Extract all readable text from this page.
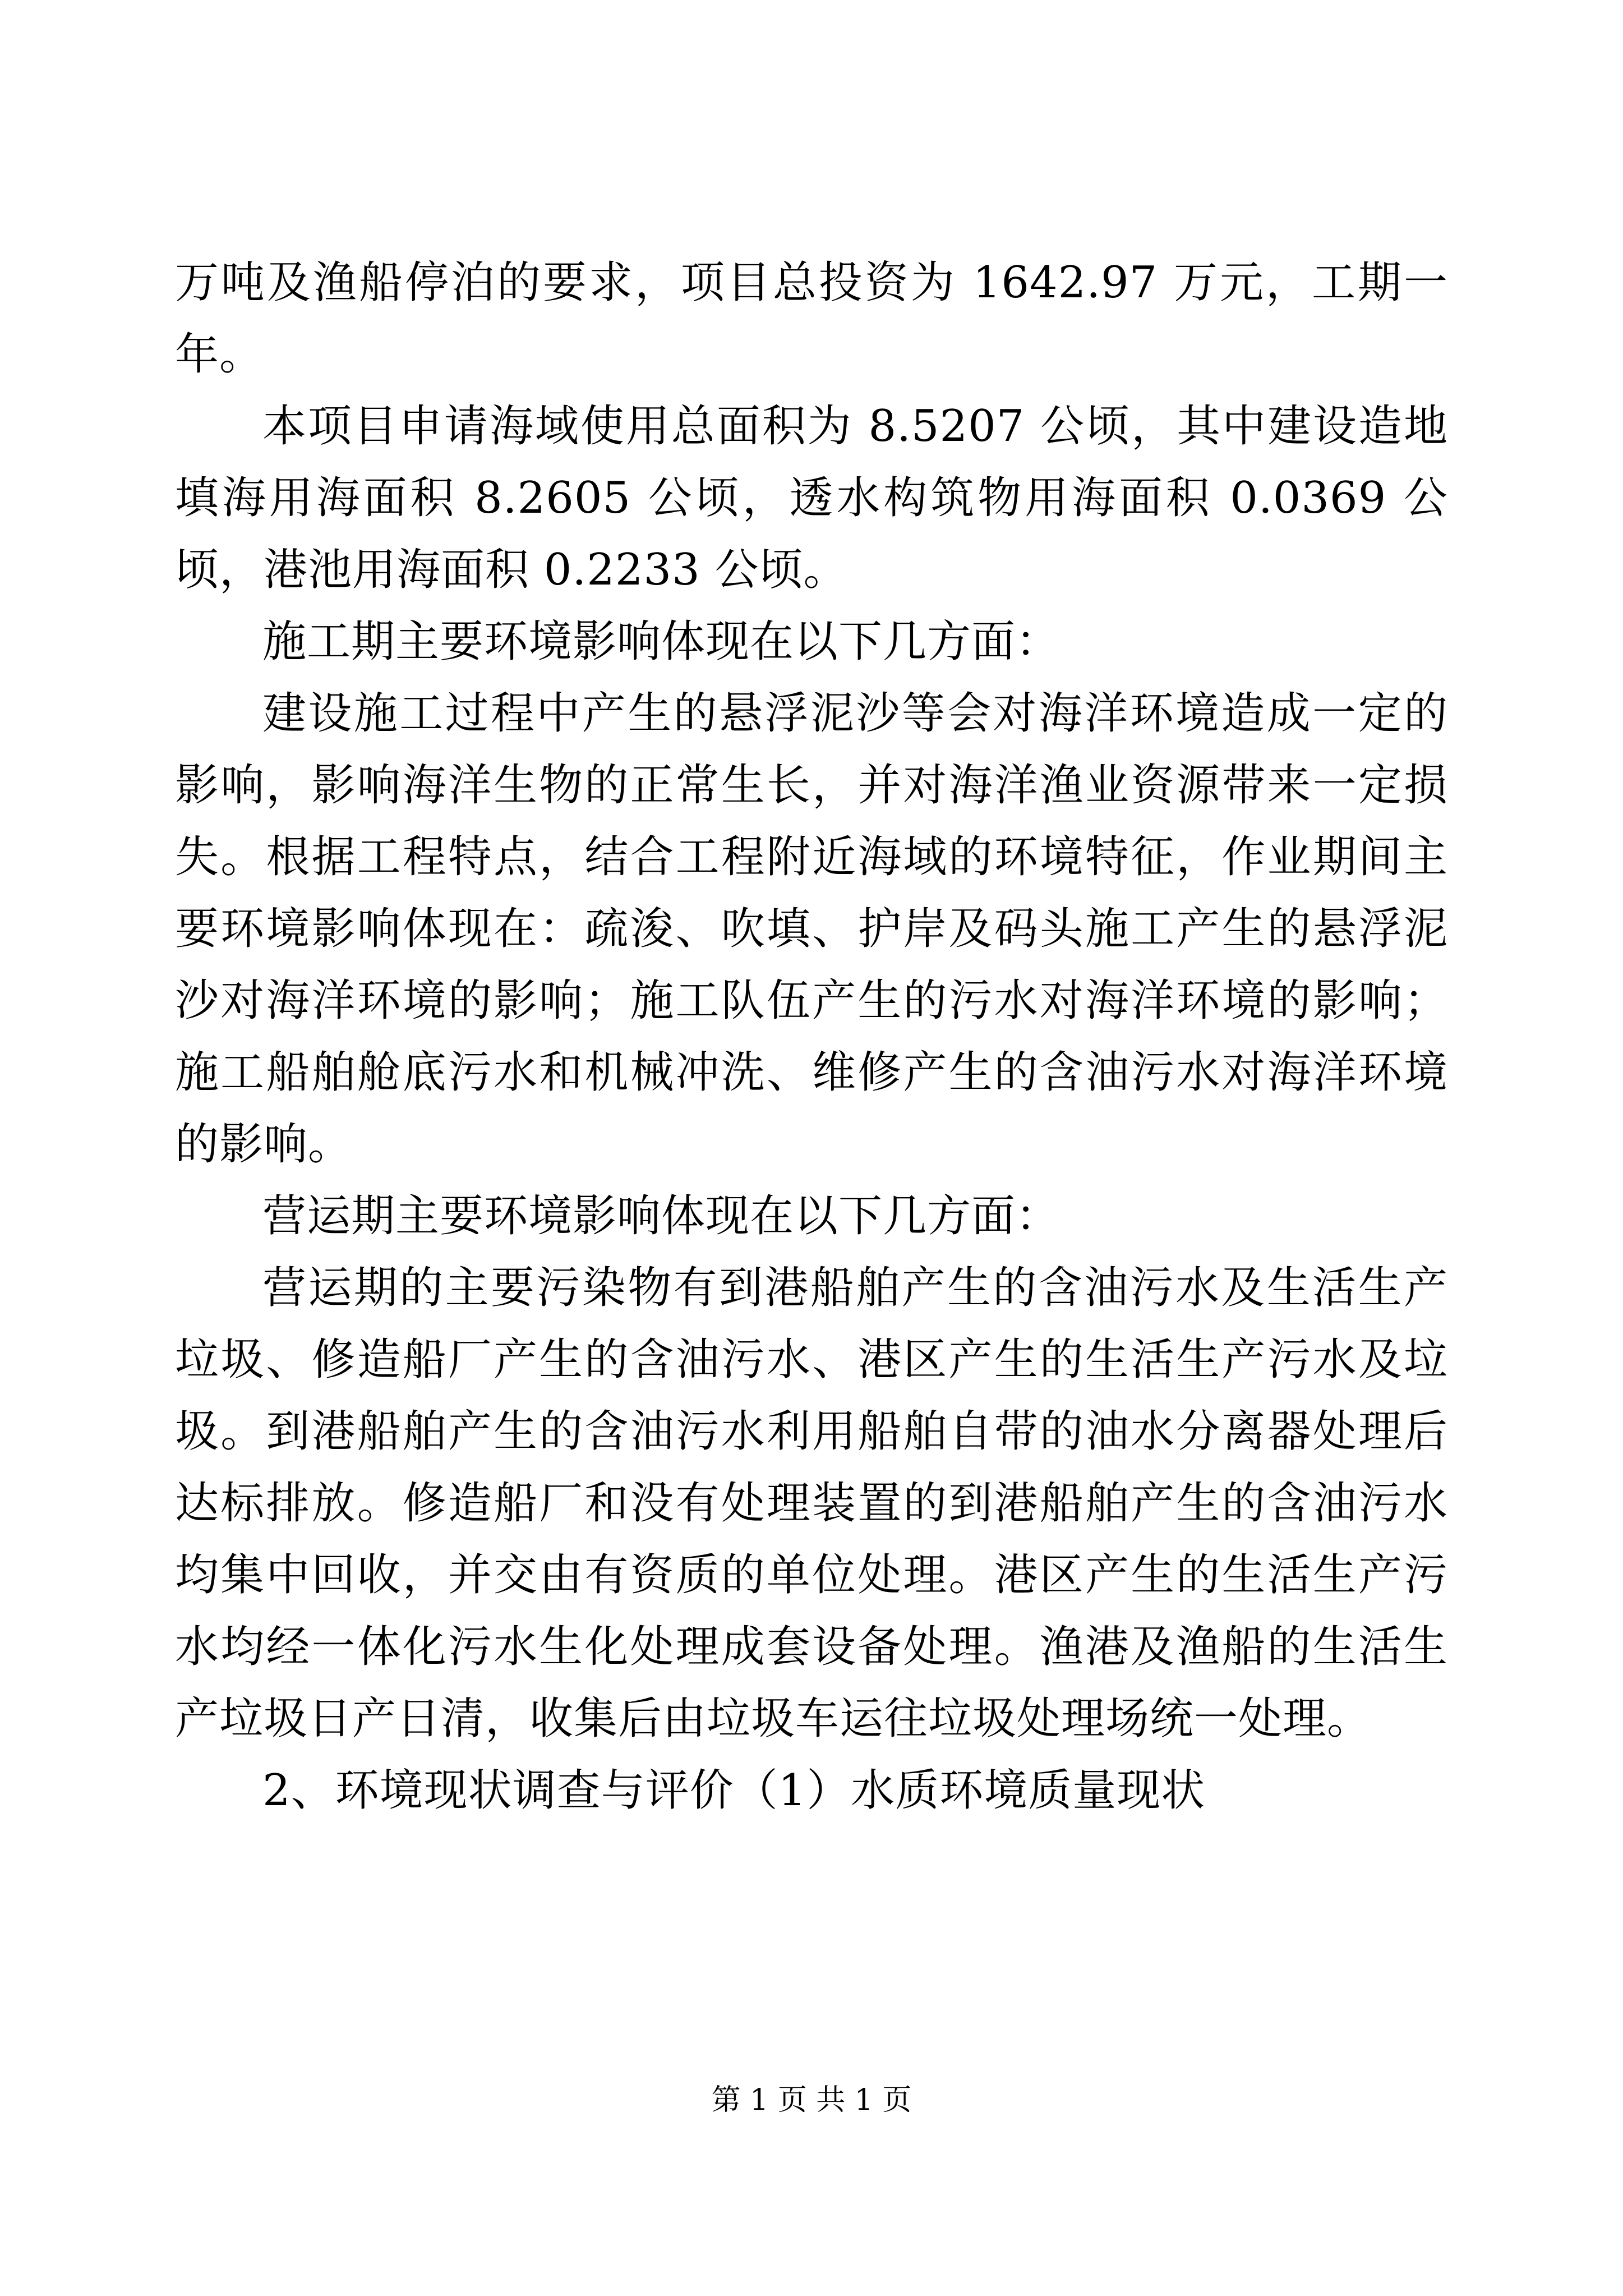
万吨及渔船停泊的要求，项目总投资为 1642.97 万元，工期一年。

本项目申请海域使用总面积为 8.5207 公顷，其中建设造地填海用海面积 8.2605 公顷，透水构筑物用海面积 0.0369 公顷，港池用海面积 0.2233 公顷。

施工期主要环境影响体现在以下几方面：

建设施工过程中产生的悬浮泥沙等会对海洋环境造成一定的影响，影响海洋生物的正常生长，并对海洋渔业资源带来一定损失。根据工程特点，结合工程附近海域的环境特征，作业期间主要环境影响体现在：疏浚、吹填、护岸及码头施工产生的悬浮泥沙对海洋环境的影响；施工队伍产生的污水对海洋环境的影响；施工船舶舱底污水和机械冲洗、维修产生的含油污水对海洋环境的影响。

营运期主要环境影响体现在以下几方面：

营运期的主要污染物有到港船舶产生的含油污水及生活生产垃圾、修造船厂产生的含油污水、港区产生的生活生产污水及垃圾。到港船舶产生的含油污水利用船舶自带的油水分离器处理后达标排放。修造船厂和没有处理装置的到港船舶产生的含油污水均集中回收，并交由有资质的单位处理。港区产生的生活生产污水均经一体化污水生化处理成套设备处理。渔港及渔船的生活生产垃圾日产日清，收集后由垃圾车运往垃圾处理场统一处理。

2、环境现状调查与评价（1）水质环境质量现状

第 1 页 共 1 页
